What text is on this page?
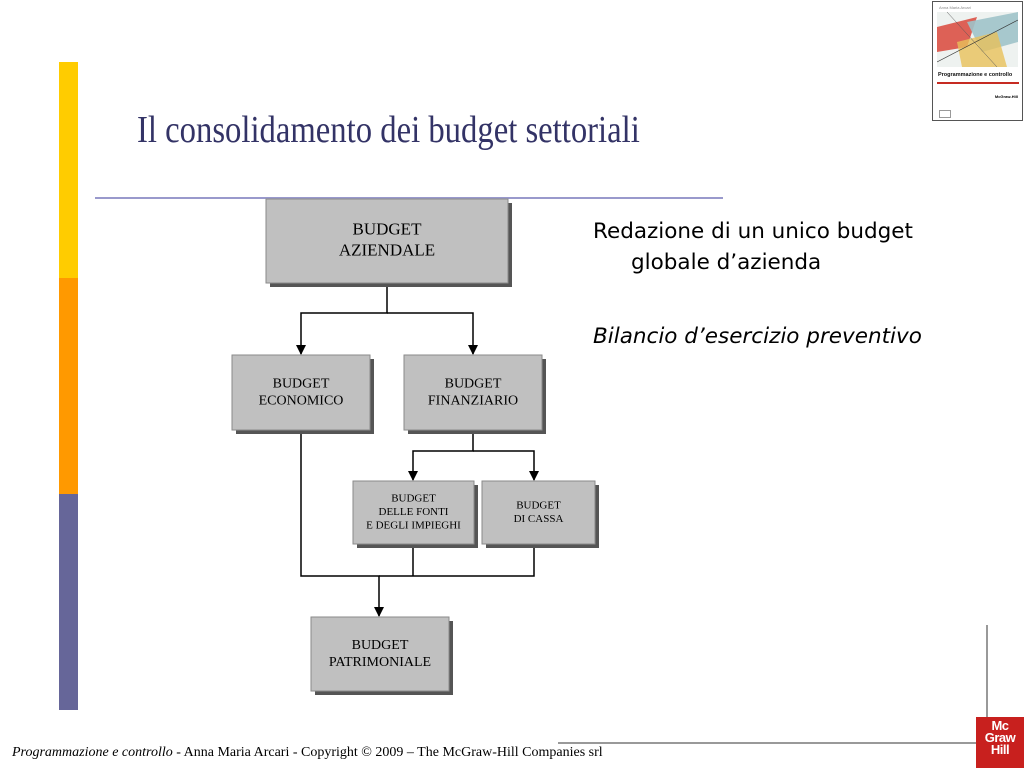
Il consolidamento dei budget settoriali
Anna Maria Arcari
Programmazione e controllo
McGraw-Hill
BUDGET
AZIENDALE
BUDGET
ECONOMICO
BUDGET
FINANZIARIO
BUDGET
DELLE FONTI
E DEGLI IMPIEGHI
BUDGET
DI CASSA
BUDGET
PATRIMONIALE
Redazione di un unico budget
globale d’azienda
Bilancio d’esercizio preventivo
Mc
Graw
Hill
Programmazione e controllo - Anna Maria Arcari - Copyright © 2009 – The McGraw-Hill Companies srl
